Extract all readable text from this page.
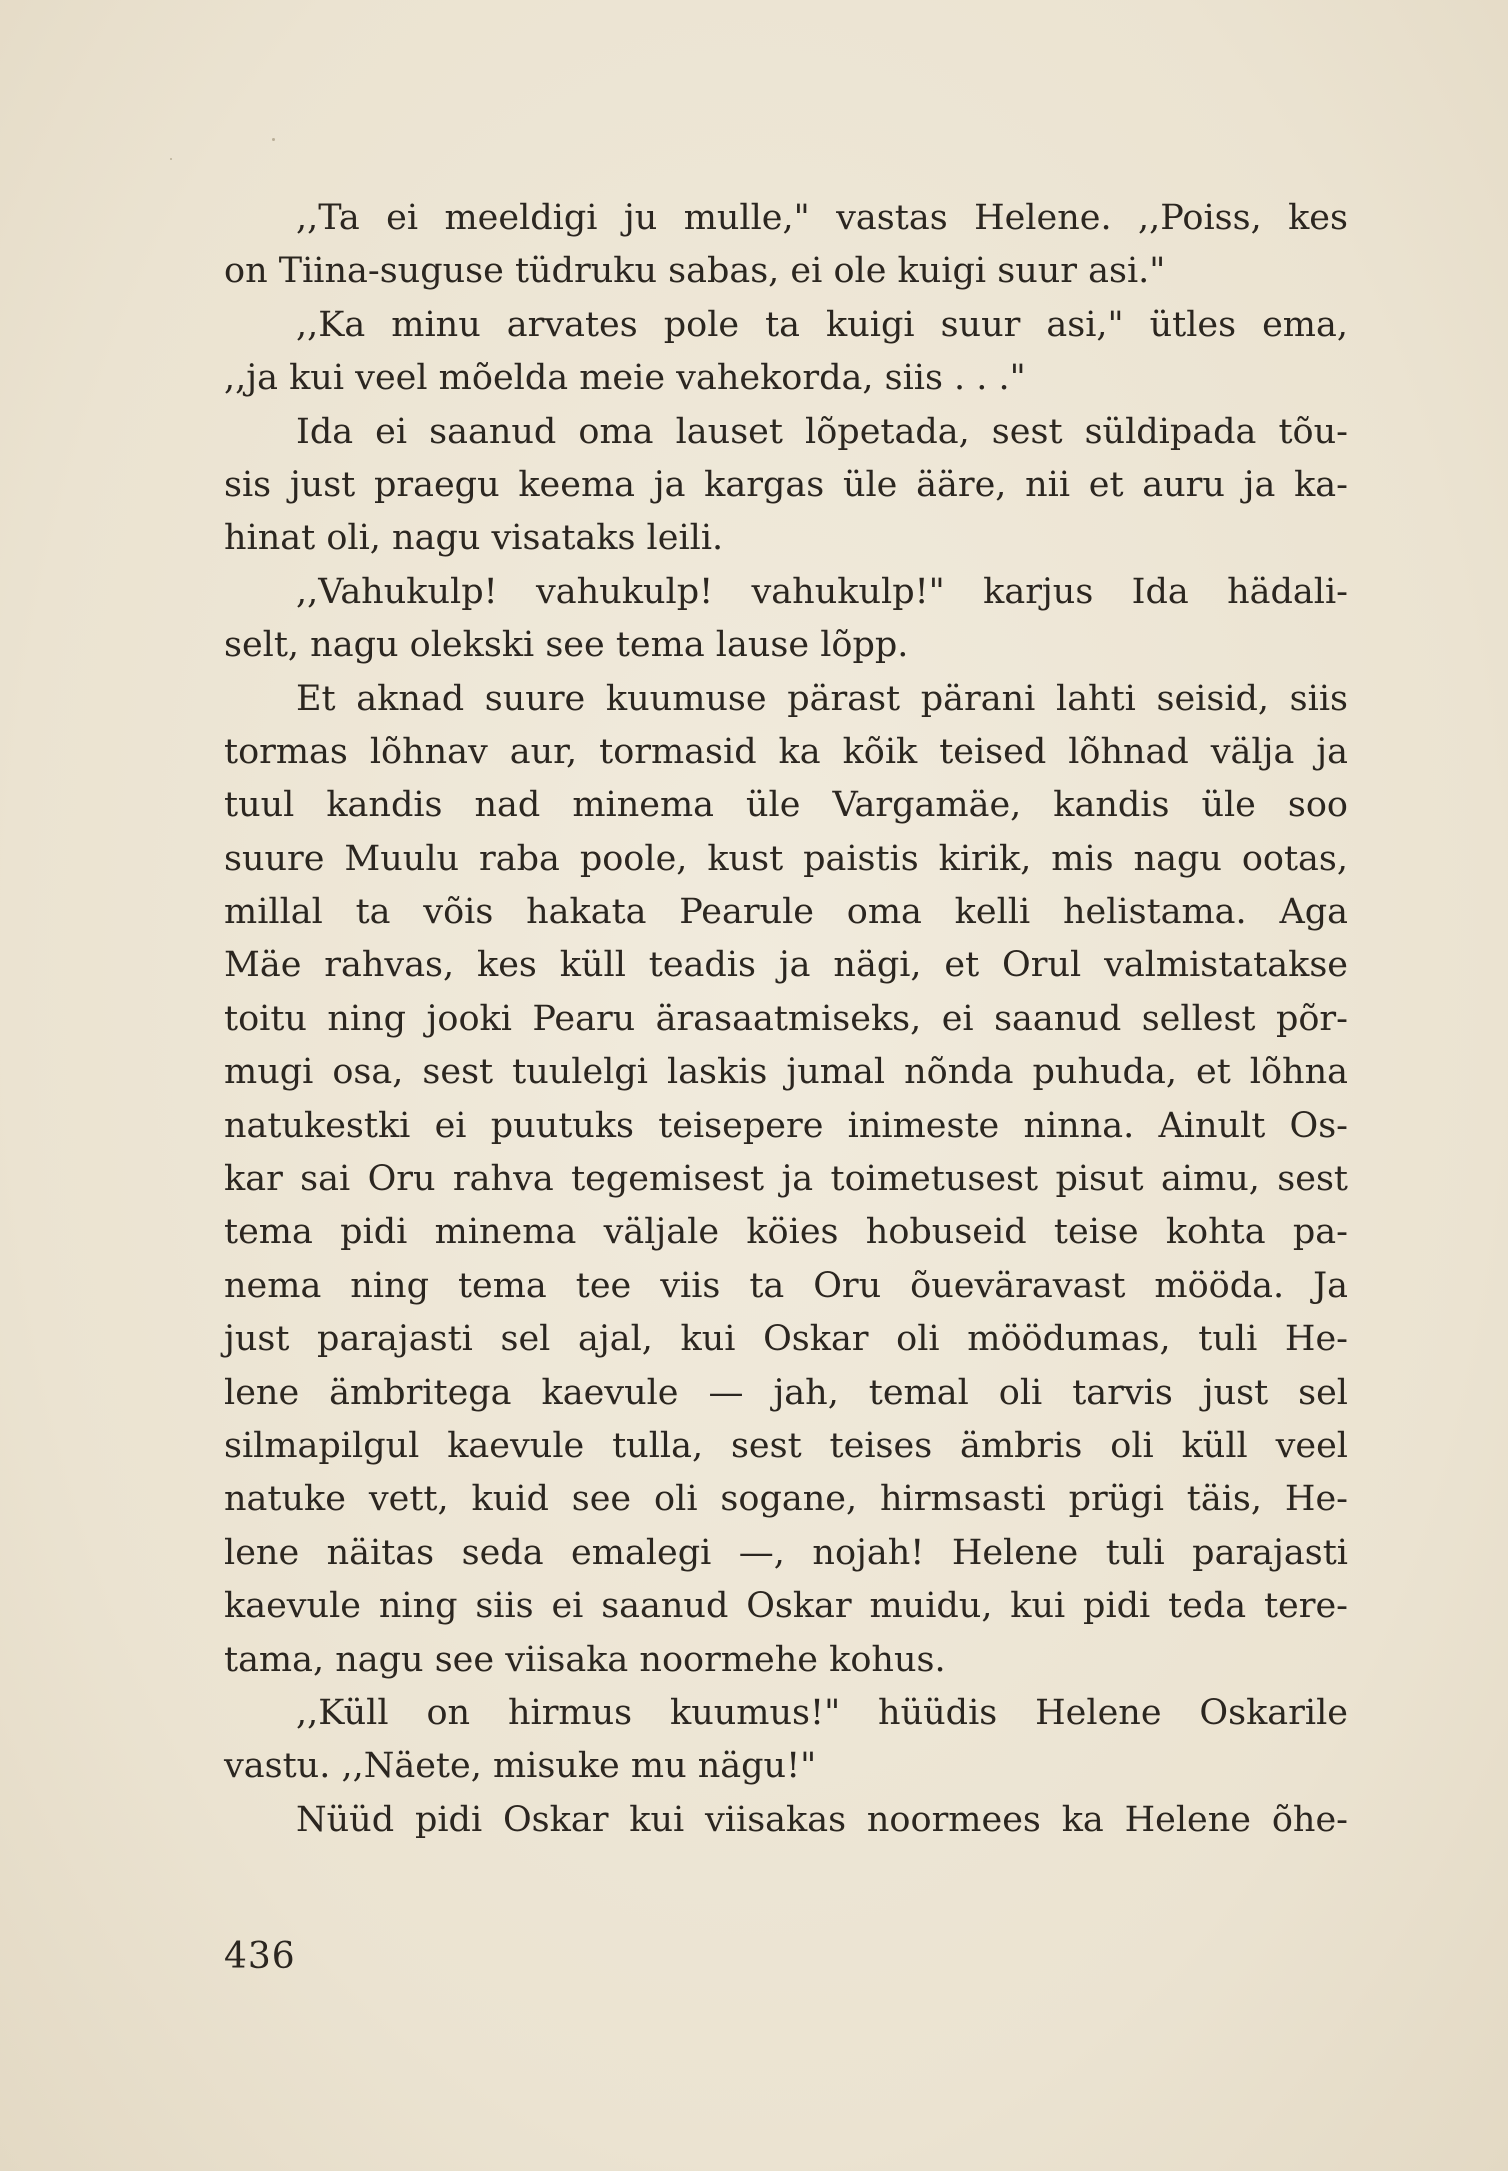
,,Ta ei meeldigi ju mulle," vastas Helene. ,,Poiss, kes
on Tiina-suguse tüdruku sabas, ei ole kuigi suur asi."
,,Ka minu arvates pole ta kuigi suur asi," ütles ema,
,,ja kui veel mõelda meie vahekorda, siis . . ."
Ida ei saanud oma lauset lõpetada, sest süldipada tõu-
sis just praegu keema ja kargas üle ääre, nii et auru ja ka-
hinat oli, nagu visataks leili.
,,Vahukulp! vahukulp! vahukulp!" karjus Ida hädali-
selt, nagu olekski see tema lause lõpp.
Et aknad suure kuumuse pärast pärani lahti seisid, siis
tormas lõhnav aur, tormasid ka kõik teised lõhnad välja ja
tuul kandis nad minema üle Vargamäe, kandis üle soo
suure Muulu raba poole, kust paistis kirik, mis nagu ootas,
millal ta võis hakata Pearule oma kelli helistama. Aga
Mäe rahvas, kes küll teadis ja nägi, et Orul valmistatakse
toitu ning jooki Pearu ärasaatmiseks, ei saanud sellest põr-
mugi osa, sest tuulelgi laskis jumal nõnda puhuda, et lõhna
natukestki ei puutuks teisepere inimeste ninna. Ainult Os-
kar sai Oru rahva tegemisest ja toimetusest pisut aimu, sest
tema pidi minema väljale köies hobuseid teise kohta pa-
nema ning tema tee viis ta Oru õueväravast mööda. Ja
just parajasti sel ajal, kui Oskar oli möödumas, tuli He-
lene ämbritega kaevule — jah, temal oli tarvis just sel
silmapilgul kaevule tulla, sest teises ämbris oli küll veel
natuke vett, kuid see oli sogane, hirmsasti prügi täis, He-
lene näitas seda emalegi —, nojah! Helene tuli parajasti
kaevule ning siis ei saanud Oskar muidu, kui pidi teda tere-
tama, nagu see viisaka noormehe kohus.
,,Küll on hirmus kuumus!" hüüdis Helene Oskarile
vastu. ,,Näete, misuke mu nägu!"
Nüüd pidi Oskar kui viisakas noormees ka Helene õhe-
436
